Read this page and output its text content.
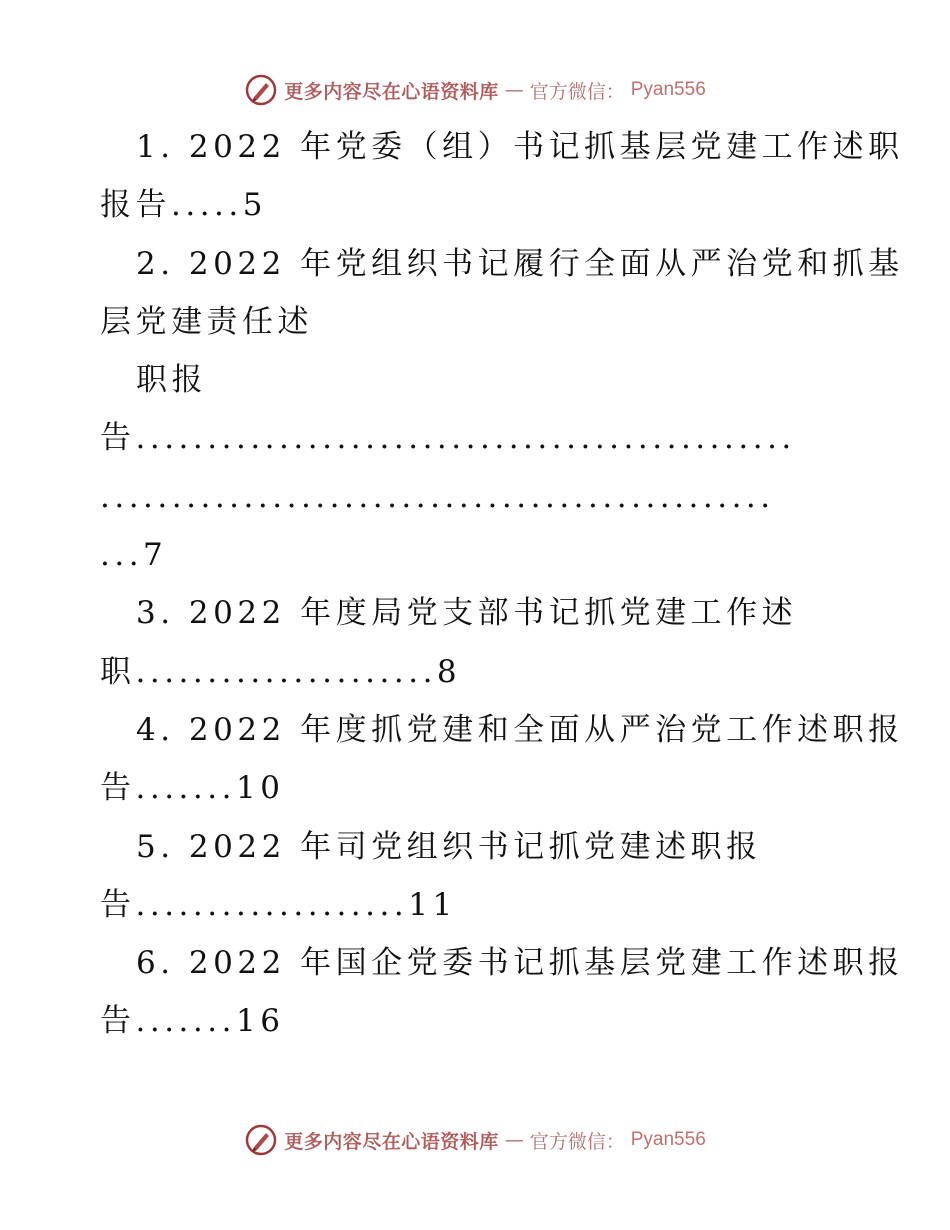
更多内容尽在心语资料库 — 官方微信： Pyan556
1. 2022 年党委（组）书记抓基层党建工作述职
报告.....5
2. 2022 年党组织书记履行全面从严治党和抓基
层党建责任述
职报
告..............................................
...............................................
...7
3. 2022 年度局党支部书记抓党建工作述
职.....................8
4. 2022 年度抓党建和全面从严治党工作述职报
告.......10
5. 2022 年司党组织书记抓党建述职报
告...................11
6. 2022 年国企党委书记抓基层党建工作述职报
告.......16
更多内容尽在心语资料库 — 官方微信： Pyan556
